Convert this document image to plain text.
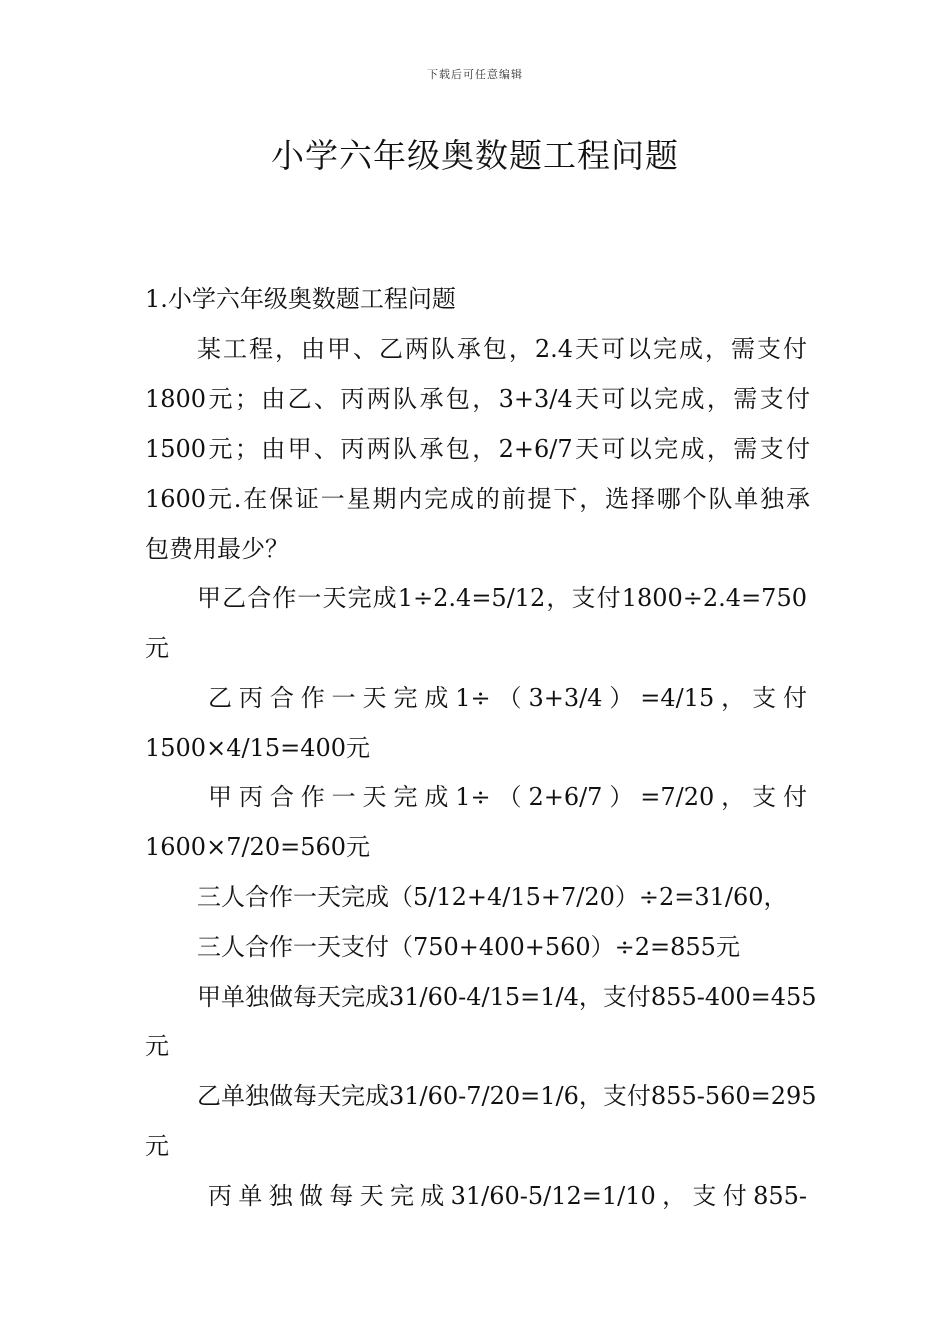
下载后可任意编辑
小学六年级奥数题工程问题
1.小学六年级奥数题工程问题
某工程，由甲、乙两队承包，2.4天可以完成，需支付
1800元；由乙、丙两队承包，3+3/4天可以完成，需支付
1500元；由甲、丙两队承包，2+6/7天可以完成，需支付
1600元.在保证一星期内完成的前提下，选择哪个队单独承
包费用最少？
甲乙合作一天完成1÷2.4=5/12，支付1800÷2.4=750
元
乙丙合作一天完成1÷（3+3/4）=4/15，支付
1500×4/15=400元
甲丙合作一天完成1÷（2+6/7）=7/20，支付
1600×7/20=560元
三人合作一天完成（5/12+4/15+7/20）÷2=31/60，
三人合作一天支付（750+400+560）÷2=855元
甲单独做每天完成31/60-4/15=1/4，支付855-400=455
元
乙单独做每天完成31/60-7/20=1/6，支付855-560=295
元
丙单独做每天完成31/60-5/12=1/10，支付855-
